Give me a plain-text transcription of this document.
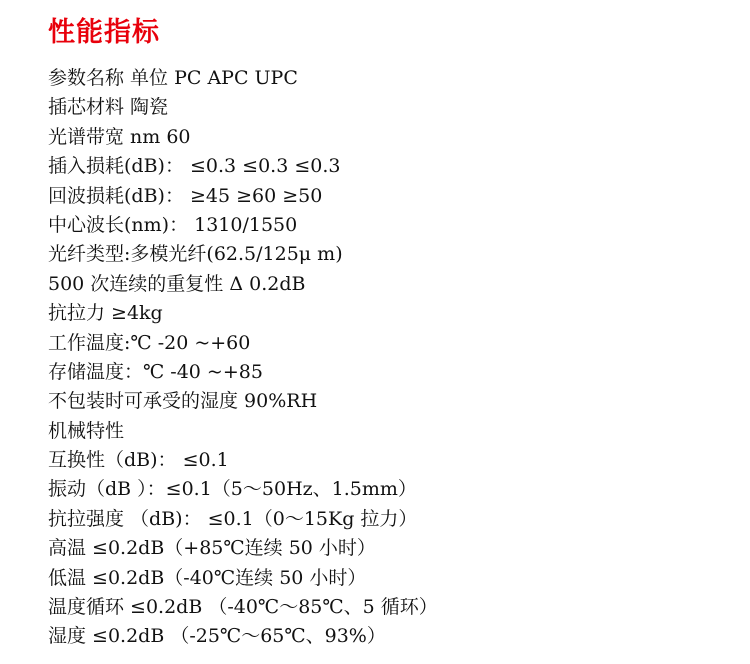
性能指标
参数名称 单位 PC APC UPC
插芯材料 陶瓷
光谱带宽 nm 60
插入损耗(dB)： ≤0.3 ≤0.3 ≤0.3
回波损耗(dB)： ≥45 ≥60 ≥50
中心波长(nm)： 1310/1550
光纤类型:多模光纤(62.5/125μ m)
500 次连续的重复性 Δ 0.2dB
抗拉力 ≥4kg
工作温度:℃ -20 ~+60
存储温度：℃ -40 ~+85
不包装时可承受的湿度 90%RH
机械特性
互换性（dB)： ≤0.1
振动（dB ）：≤0.1（5～50Hz、1.5mm）
抗拉强度 （dB)： ≤0.1（0～15Kg 拉力）
高温 ≤0.2dB（+85℃连续 50 小时）
低温 ≤0.2dB（-40℃连续 50 小时）
温度循环 ≤0.2dB （-40℃～85℃、5 循环）
湿度 ≤0.2dB （-25℃～65℃、93%）
